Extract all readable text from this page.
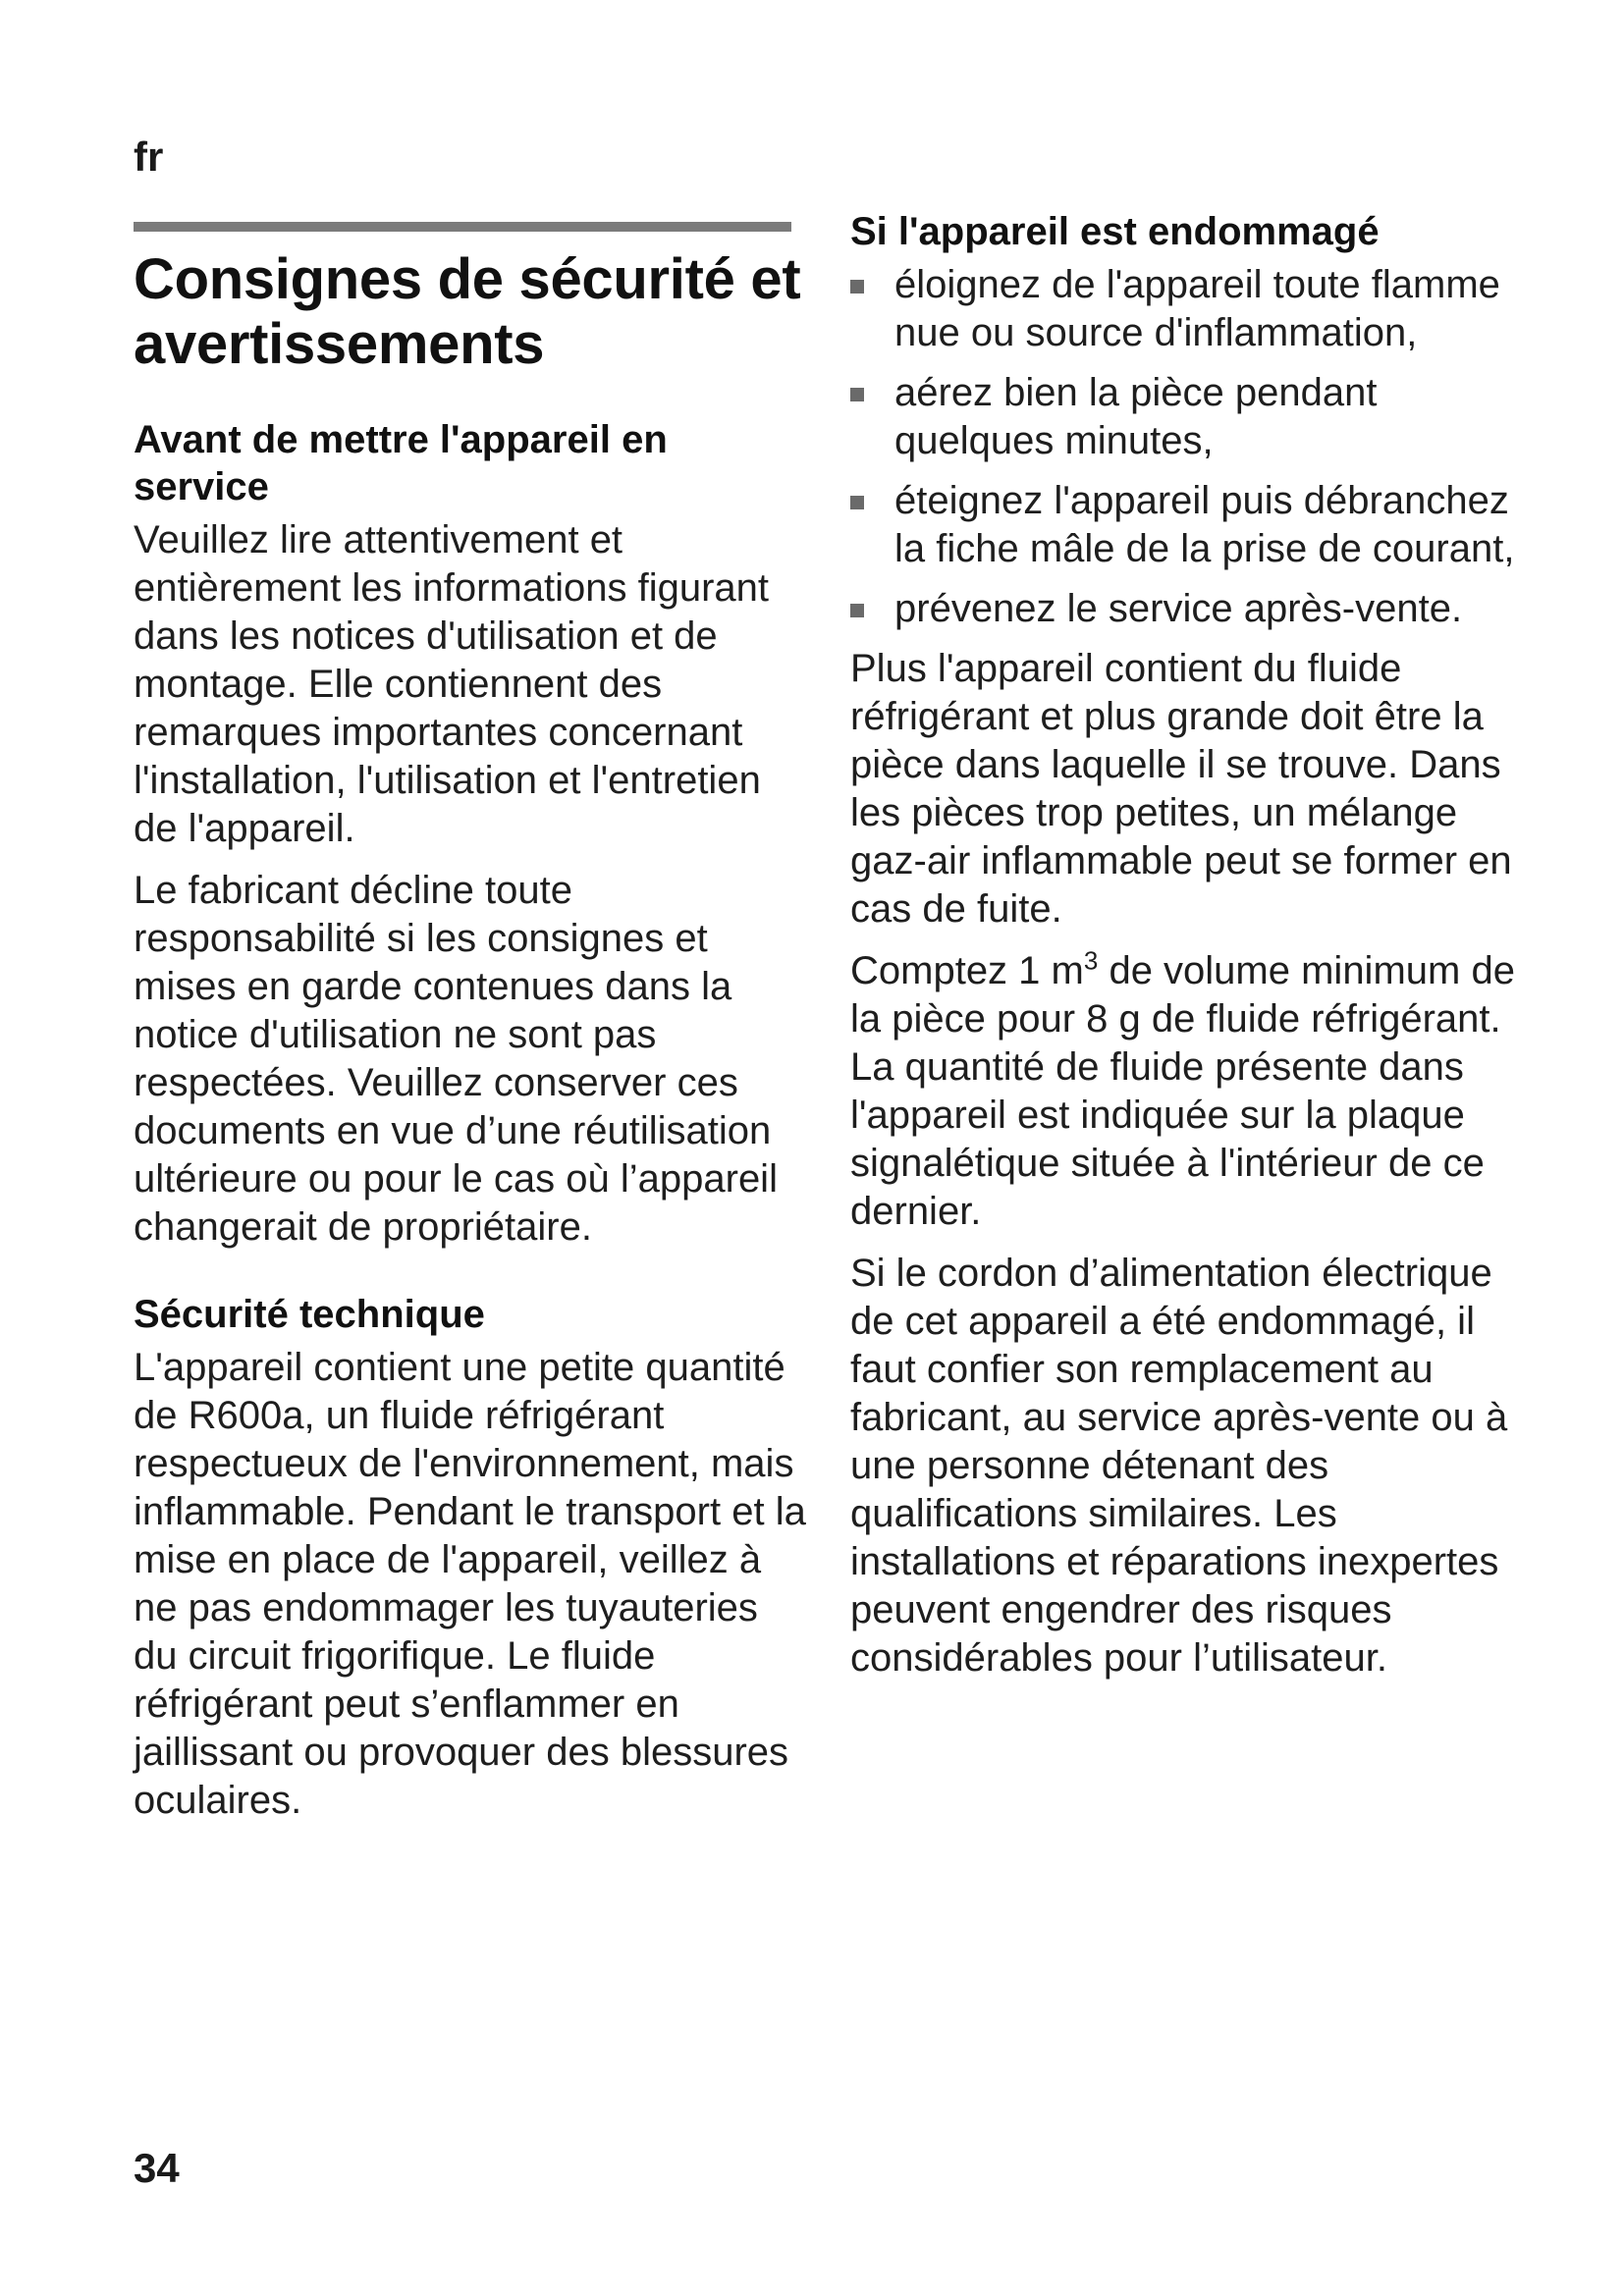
fr
Consignes de sécurité et avertissements
Avant de mettre l'appareil en service

Veuillez lire attentivement et entièrement les informations figurant dans les notices d'utilisation et de montage. Elle contiennent des remarques importantes concernant l'installation, l'utilisation et l'entretien de l'appareil.

Le fabricant décline toute responsabilité si les consignes et mises en garde contenues dans la notice d'utilisation ne sont pas respectées. Veuillez conserver ces documents en vue d’une réutilisation ultérieure ou pour le cas où l’appareil changerait de propriétaire.

Sécurité technique

L'appareil contient une petite quantité de R600a, un fluide réfrigérant respectueux de l'environnement, mais inflammable. Pendant le transport et la mise en place de l'appareil, veillez à ne pas endommager les tuyauteries du circuit frigorifique. Le fluide réfrigérant peut s’enflammer en jaillissant ou provoquer des blessures oculaires.

Si l'appareil est endommagé
éloignez de l'appareil toute flamme nue ou source d'inflammation,
aérez bien la pièce pendant quelques minutes,
éteignez l'appareil puis débranchez la fiche mâle de la prise de courant,
prévenez le service après-vente.

Plus l'appareil contient du fluide réfrigérant et plus grande doit être la pièce dans laquelle il se trouve. Dans les pièces trop petites, un mélange gaz-air inflammable peut se former en cas de fuite.

Comptez 1 $m^3$ de volume minimum de la pièce pour 8 g de fluide réfrigérant. La quantité de fluide présente dans l'appareil est indiquée sur la plaque signalétique située à l'intérieur de ce dernier.

Si le cordon d’alimentation électrique de cet appareil a été endommagé, il faut confier son remplacement au fabricant, au service après-vente ou à une personne détenant des qualifications similaires. Les installations et réparations inexpertes peuvent engendrer des risques considérables pour l’utilisateur.

34
